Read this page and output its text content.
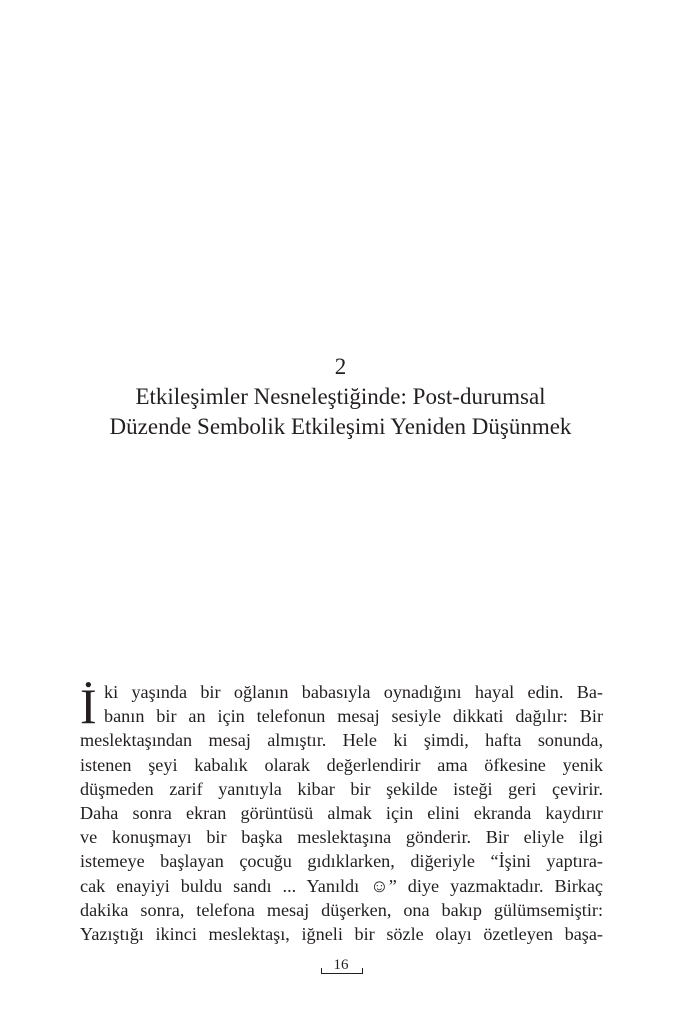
2
Etkileşimler Nesneleştiğinde: Post-durumsal
Düzende Sembolik Etkileşimi Yeniden Düşünmek
İ ki yaşında bir oğlanın babasıyla oynadığını hayal edin. Ba-
banın bir an için telefonun mesaj sesiyle dikkati dağılır: Bir
meslektaşından mesaj almıştır. Hele ki şimdi, hafta sonunda,
istenen şeyi kabalık olarak değerlendirir ama öfkesine yenik
düşmeden zarif yanıtıyla kibar bir şekilde isteği geri çevirir.
Daha sonra ekran görüntüsü almak için elini ekranda kaydırır
ve konuşmayı bir başka meslektaşına gönderir. Bir eliyle ilgi
istemeye başlayan çocuğu gıdıklarken, diğeriyle “İşini yaptıra-
cak enayiyi buldu sandı ... Yanıldı ☺” diye yazmaktadır. Birkaç
dakika sonra, telefona mesaj düşerken, ona bakıp gülümsemiştir:
Yazıştığı ikinci meslektaşı, iğneli bir sözle olayı özetleyen başa-
16
